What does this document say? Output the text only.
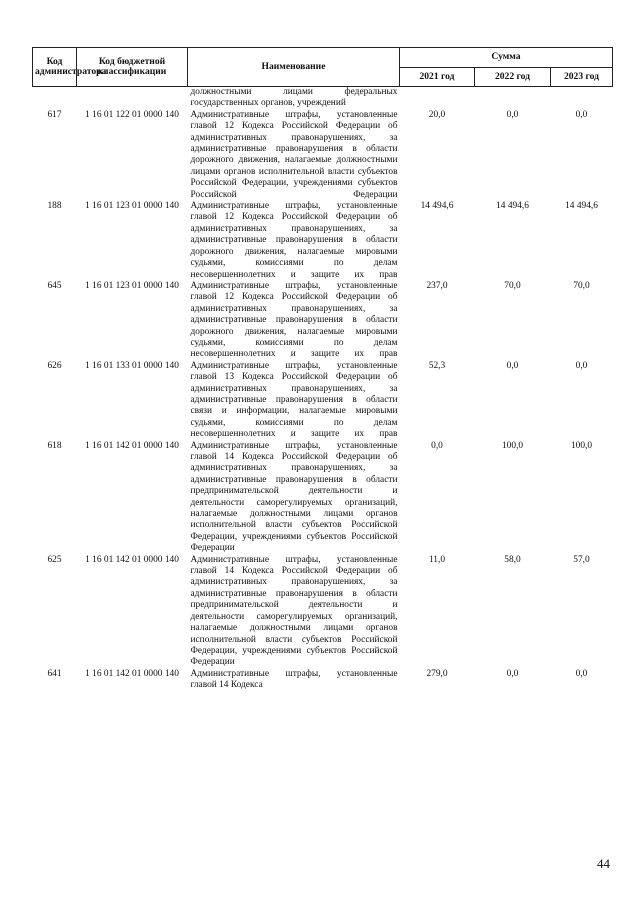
Код администратора	Код бюджетной классификации	Наименование	Сумма		
			2021 год	2022 год	2023 год
		должностными лицами федеральных государственных органов, учреждений			
617	1 16 01 122 01 0000 140	Административные штрафы, установленные главой 12 Кодекса Российской Федерации об административных правонарушениях, за административные правонарушения в области дорожного движения, налагаемые должностными лицами органов исполнительной власти субъектов Российской Федерации, учреждениями субъектов Российской Федерации	20,0	0,0	0,0
188	1 16 01 123 01 0000 140	Административные штрафы, установленные главой 12 Кодекса Российской Федерации об административных правонарушениях, за административные правонарушения в области дорожного движения, налагаемые мировыми судьями, комиссиями по делам несовершеннолетних и защите их прав	14 494,6	14 494,6	14 494,6
645	1 16 01 123 01 0000 140	Административные штрафы, установленные главой 12 Кодекса Российской Федерации об административных правонарушениях, за административные правонарушения в области дорожного движения, налагаемые мировыми судьями, комиссиями по делам несовершеннолетних и защите их прав	237,0	70,0	70,0
626	1 16 01 133 01 0000 140	Административные штрафы, установленные главой 13 Кодекса Российской Федерации об административных правонарушениях, за административные правонарушения в области связи и информации, налагаемые мировыми судьями, комиссиями по делам несовершеннолетних и защите их прав	52,3	0,0	0,0
618	1 16 01 142 01 0000 140	Административные штрафы, установленные главой 14 Кодекса Российской Федерации об административных правонарушениях, за административные правонарушения в области предпринимательской деятельности и деятельности саморегулируемых организаций, налагаемые должностными лицами органов исполнительной власти субъектов Российской Федерации, учреждениями субъектов Российской Федерации	0,0	100,0	100,0
625	1 16 01 142 01 0000 140	Административные штрафы, установленные главой 14 Кодекса Российской Федерации об административных правонарушениях, за административные правонарушения в области предпринимательской деятельности и деятельности саморегулируемых организаций, налагаемые должностными лицами органов исполнительной власти субъектов Российской Федерации, учреждениями субъектов Российской Федерации	11,0	58,0	57,0
641	1 16 01 142 01 0000 140	Административные штрафы, установленные главой 14 Кодекса	279,0	0,0	0,0
44
